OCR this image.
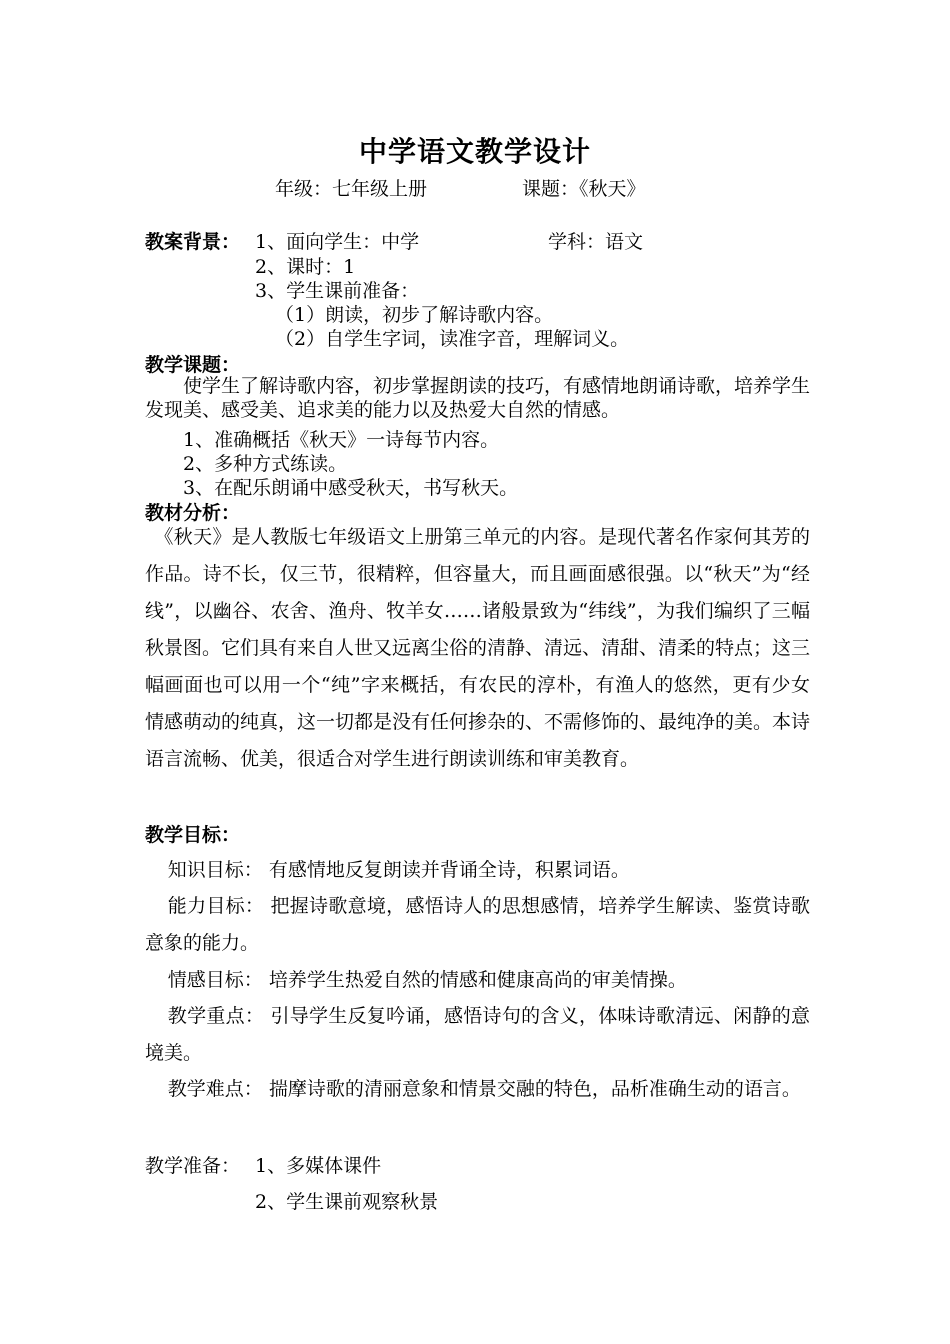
中学语文教学设计
年级：七年级上册	课题：《秋天》
教案背景： 1、面向学生：中学	学科：语文
2、课时：1
3、学生课前准备：
（1）朗读，初步了解诗歌内容。
（2）自学生字词，读准字音，理解词义。
教学课题：
使学生了解诗歌内容，初步掌握朗读的技巧，有感情地朗诵诗歌，培养学生发现美、感受美、追求美的能力以及热爱大自然的情感。
1、准确概括《秋天》一诗每节内容。
2、多种方式练读。
3、在配乐朗诵中感受秋天，书写秋天。
教材分析：
《秋天》是人教版七年级语文上册第三单元的内容。是现代著名作家何其芳的作品。诗不长，仅三节，很精粹，但容量大，而且画面感很强。以“秋天”为“经线”，以幽谷、农舍、渔舟、牧羊女……诸般景致为“纬线”，为我们编织了三幅秋景图。它们具有来自人世又远离尘俗的清静、清远、清甜、清柔的特点；这三幅画面也可以用一个“纯”字来概括，有农民的淳朴，有渔人的悠然，更有少女情感萌动的纯真，这一切都是没有任何掺杂的、不需修饰的、最纯净的美。本诗语言流畅、优美，很适合对学生进行朗读训练和审美教育。
教学目标：
知识目标： 有感情地反复朗读并背诵全诗，积累词语。
能力目标： 把握诗歌意境，感悟诗人的思想感情，培养学生解读、鉴赏诗歌意象的能力。
情感目标： 培养学生热爱自然的情感和健康高尚的审美情操。
教学重点： 引导学生反复吟诵，感悟诗句的含义，体味诗歌清远、闲静的意境美。
教学难点： 揣摩诗歌的清丽意象和情景交融的特色，品析准确生动的语言。
教学准备： 1、多媒体课件
2、学生课前观察秋景
